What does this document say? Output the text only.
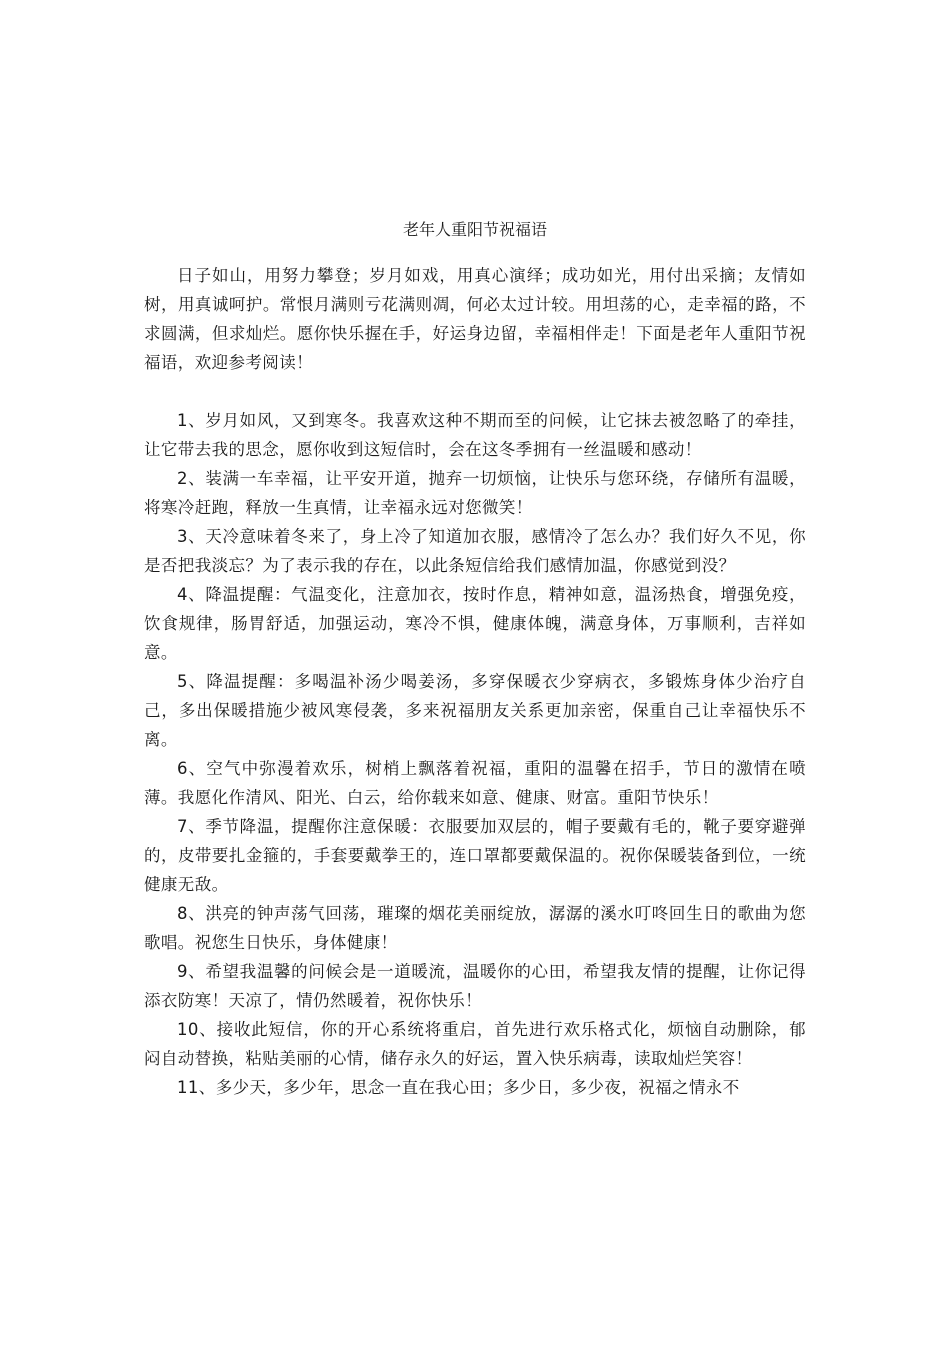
老年人重阳节祝福语

日子如山，用努力攀登；岁月如戏，用真心演绎；成功如光，用付出采摘；友情如树，用真诚呵护。常恨月满则亏花满则凋，何必太过计较。用坦荡的心，走幸福的路，不求圆满，但求灿烂。愿你快乐握在手，好运身边留，幸福相伴走！下面是老年人重阳节祝福语，欢迎参考阅读！

1、岁月如风，又到寒冬。我喜欢这种不期而至的问候，让它抹去被忽略了的牵挂，让它带去我的思念，愿你收到这短信时，会在这冬季拥有一丝温暖和感动！

2、装满一车幸福，让平安开道，抛弃一切烦恼，让快乐与您环绕，存储所有温暖，将寒冷赶跑，释放一生真情，让幸福永远对您微笑！

3、天冷意味着冬来了，身上冷了知道加衣服，感情冷了怎么办？我们好久不见，你是否把我淡忘？为了表示我的存在，以此条短信给我们感情加温，你感觉到没？

4、降温提醒：气温变化，注意加衣，按时作息，精神如意，温汤热食，增强免疫，饮食规律，肠胃舒适，加强运动，寒冷不惧，健康体魄，满意身体，万事顺利，吉祥如意。

5、降温提醒：多喝温补汤少喝姜汤，多穿保暖衣少穿病衣，多锻炼身体少治疗自己，多出保暖措施少被风寒侵袭，多来祝福朋友关系更加亲密，保重自己让幸福快乐不离。

6、空气中弥漫着欢乐，树梢上飘落着祝福，重阳的温馨在招手，节日的激情在喷薄。我愿化作清风、阳光、白云，给你载来如意、健康、财富。重阳节快乐！

7、季节降温，提醒你注意保暖：衣服要加双层的，帽子要戴有毛的，靴子要穿避弹的，皮带要扎金箍的，手套要戴拳王的，连口罩都要戴保温的。祝你保暖装备到位，一统健康无敌。

8、洪亮的钟声荡气回荡，璀璨的烟花美丽绽放，潺潺的溪水叮咚回生日的歌曲为您歌唱。祝您生日快乐，身体健康！

9、希望我温馨的问候会是一道暖流，温暖你的心田，希望我友情的提醒，让你记得添衣防寒！天凉了，情仍然暖着，祝你快乐！

10、接收此短信，你的开心系统将重启，首先进行欢乐格式化，烦恼自动删除，郁闷自动替换，粘贴美丽的心情，储存永久的好运，置入快乐病毒，读取灿烂笑容！

11、多少天，多少年，思念一直在我心田；多少日，多少夜，祝福之情永不
